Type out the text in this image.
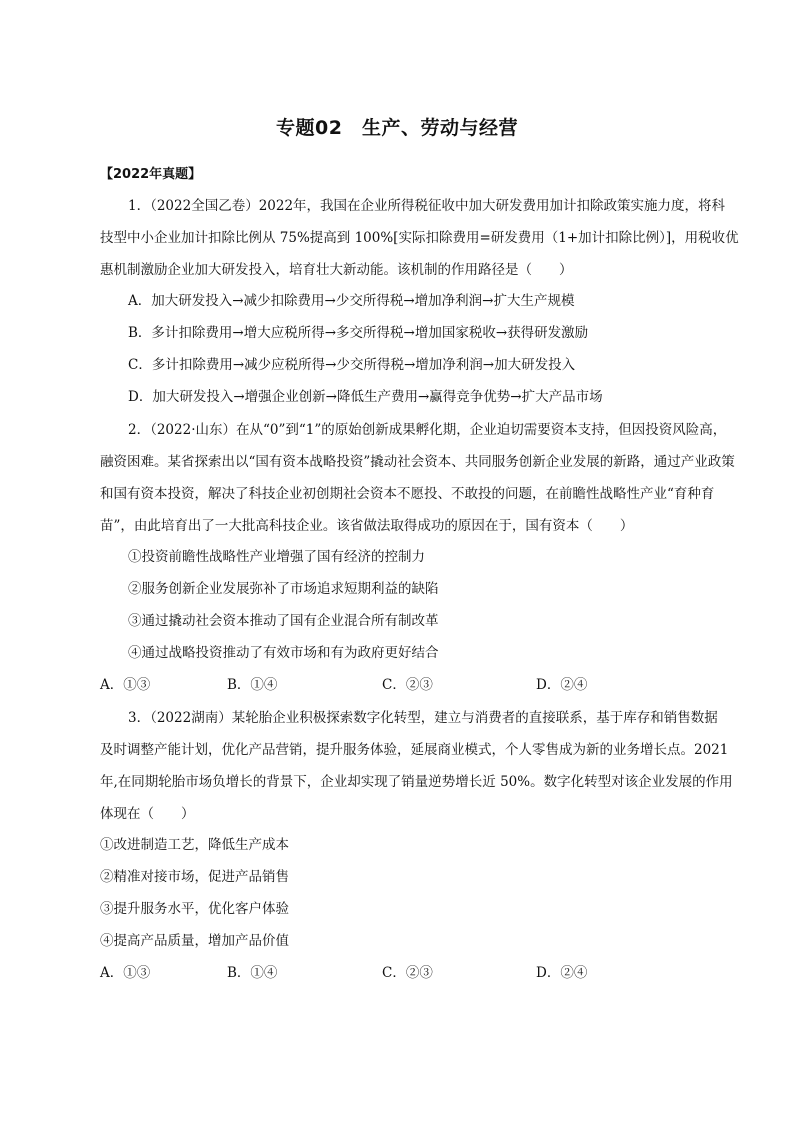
专题02　生产、劳动与经营
【2022年真题】
1．（2022全国乙卷）2022年，我国在企业所得税征收中加大研发费用加计扣除政策实施力度，将科
技型中小企业加计扣除比例从 75%提高到 100%[实际扣除费用=研发费用（1+加计扣除比例）]，用税收优
惠机制激励企业加大研发投入，培育壮大新动能。该机制的作用路径是（　　）
A．加大研发投入→减少扣除费用→少交所得税→增加净利润→扩大生产规模
B．多计扣除费用→增大应税所得→多交所得税→增加国家税收→获得研发激励
C．多计扣除费用→减少应税所得→少交所得税→增加净利润→加大研发投入
D．加大研发投入→增强企业创新→降低生产费用→赢得竞争优势→扩大产品市场
2．（2022·山东）在从“0”到“1”的原始创新成果孵化期，企业迫切需要资本支持，但因投资风险高，
融资困难。某省探索出以“国有资本战略投资”撬动社会资本、共同服务创新企业发展的新路，通过产业政策
和国有资本投资，解决了科技企业初创期社会资本不愿投、不敢投的问题，在前瞻性战略性产业“育种育
苗”，由此培育出了一大批高科技企业。该省做法取得成功的原因在于，国有资本（　　）
①投资前瞻性战略性产业增强了国有经济的控制力
②服务创新企业发展弥补了市场追求短期利益的缺陷
③通过撬动社会资本推动了国有企业混合所有制改革
④通过战略投资推动了有效市场和有为政府更好结合
A．①③	B．①④	C．②③	D．②④
3．（2022湖南）某轮胎企业积极探索数字化转型，建立与消费者的直接联系，基于库存和销售数据
及时调整产能计划，优化产品营销，提升服务体验，延展商业模式，个人零售成为新的业务增长点。2021
年,在同期轮胎市场负增长的背景下，企业却实现了销量逆势增长近 50%。数字化转型对该企业发展的作用
体现在（　　）
①改进制造工艺，降低生产成本
②精准对接市场，促进产品销售
③提升服务水平，优化客户体验
④提高产品质量，增加产品价值
A．①③	B．①④	C．②③	D．②④
